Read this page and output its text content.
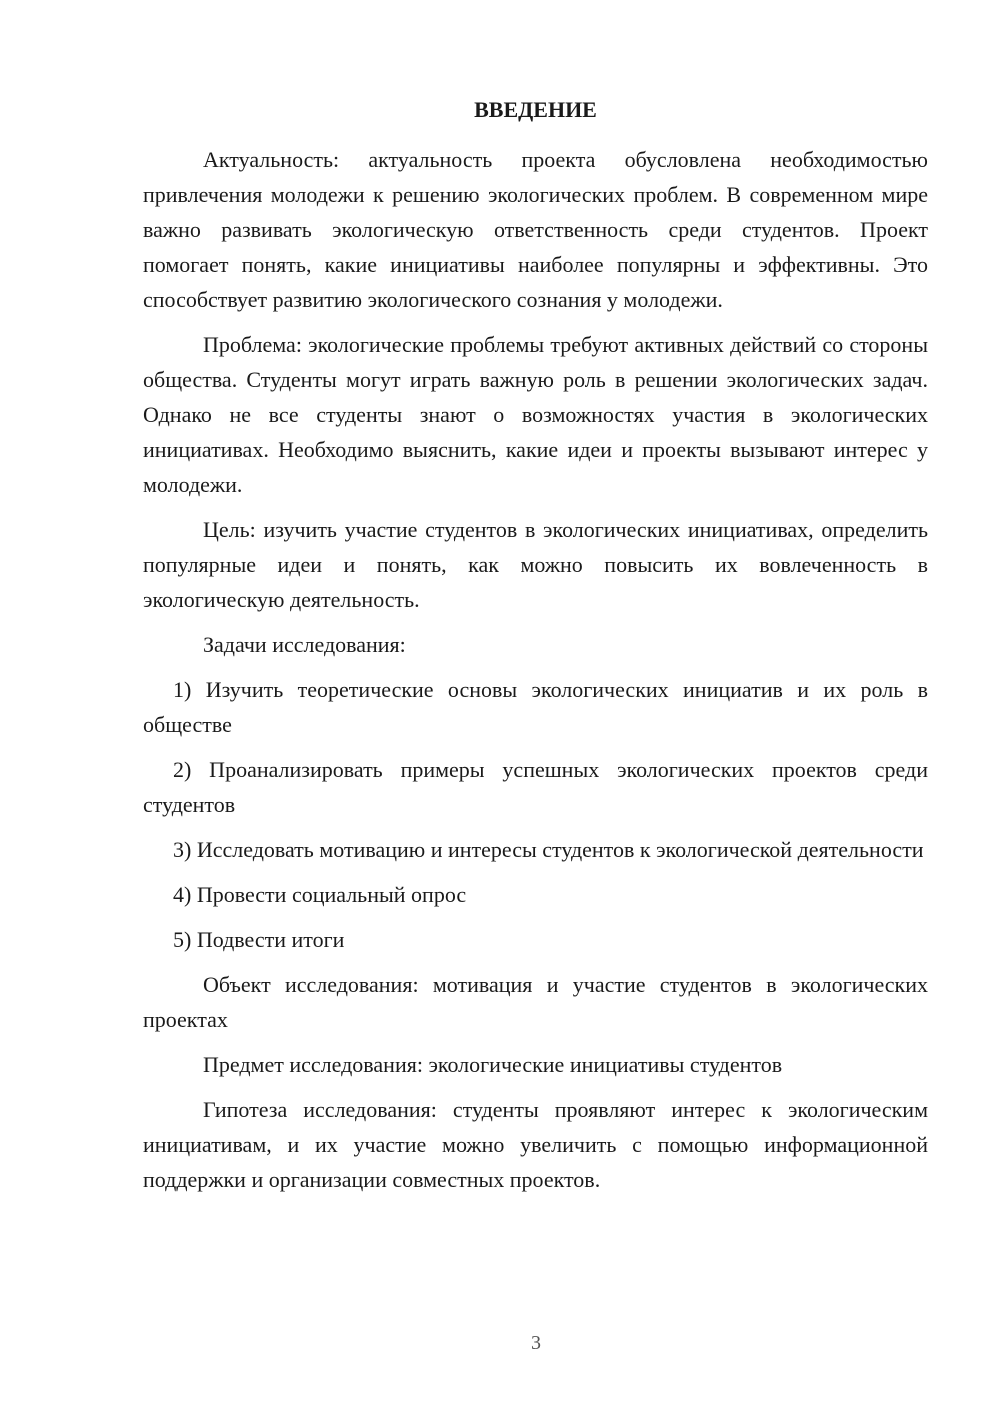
ВВЕДЕНИЕ

Актуальность: актуальность проекта обусловлена необходимостью привлечения молодежи к решению экологических проблем. В современном мире важно развивать экологическую ответственность среди студентов. Проект помогает понять, какие инициативы наиболее популярны и эффективны. Это способствует развитию экологического сознания у молодежи.

Проблема: экологические проблемы требуют активных действий со стороны общества. Студенты могут играть важную роль в решении экологических задач. Однако не все студенты знают о возможностях участия в экологических инициативах. Необходимо выяснить, какие идеи и проекты вызывают интерес у молодежи.

Цель: изучить участие студентов в экологических инициативах, определить популярные идеи и понять, как можно повысить их вовлеченность в экологическую деятельность.

Задачи исследования:

1) Изучить теоретические основы экологических инициатив и их роль в обществе

2) Проанализировать примеры успешных экологических проектов среди студентов

3) Исследовать мотивацию и интересы студентов к экологической деятельности

4) Провести социальный опрос

5) Подвести итоги

Объект исследования: мотивация и участие студентов в экологических проектах

Предмет исследования: экологические инициативы студентов

Гипотеза исследования: студенты проявляют интерес к экологическим инициативам, и их участие можно увеличить с помощью информационной поддержки и организации совместных проектов.

3
